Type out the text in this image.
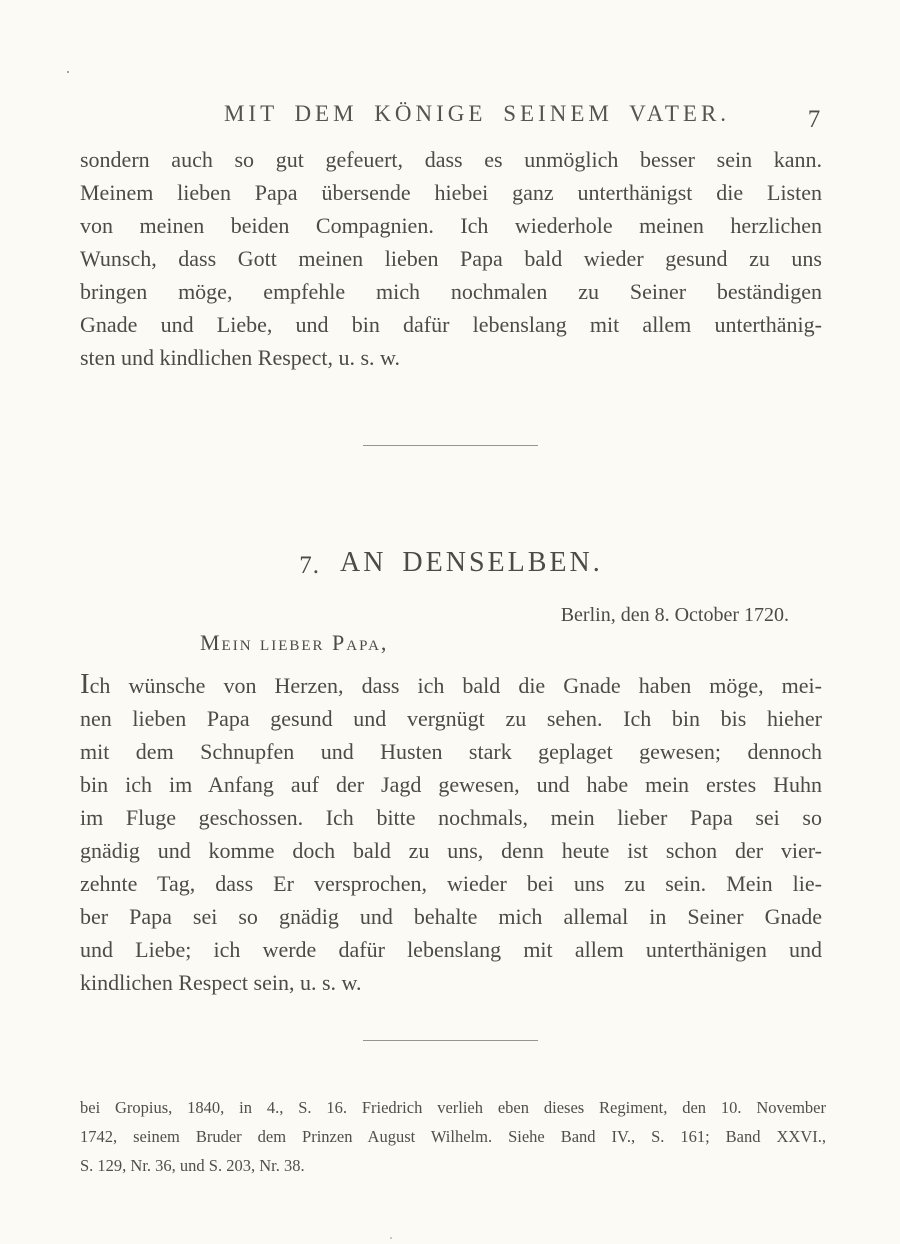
MIT DEM KÖNIGE SEINEM VATER.	7
sondern auch so gut gefeuert, dass es unmöglich besser sein kann.
Meinem lieben Papa übersende hiebei ganz unterthänigst die Listen
von meinen beiden Compagnien. Ich wiederhole meinen herzlichen
Wunsch, dass Gott meinen lieben Papa bald wieder gesund zu uns
bringen möge, empfehle mich nochmalen zu Seiner beständigen
Gnade und Liebe, und bin dafür lebenslang mit allem unterthänig-
sten und kindlichen Respect, u. s. w.
7. AN DENSELBEN.
Berlin, den 8. October 1720.
Mein lieber Papa,
Ich wünsche von Herzen, dass ich bald die Gnade haben möge, mei-
nen lieben Papa gesund und vergnügt zu sehen. Ich bin bis hieher
mit dem Schnupfen und Husten stark geplaget gewesen; dennoch
bin ich im Anfang auf der Jagd gewesen, und habe mein erstes Huhn
im Fluge geschossen. Ich bitte nochmals, mein lieber Papa sei so
gnädig und komme doch bald zu uns, denn heute ist schon der vier-
zehnte Tag, dass Er versprochen, wieder bei uns zu sein. Mein lie-
ber Papa sei so gnädig und behalte mich allemal in Seiner Gnade
und Liebe; ich werde dafür lebenslang mit allem unterthänigen und
kindlichen Respect sein, u. s. w.
bei Gropius, 1840, in 4., S. 16. Friedrich verlieh eben dieses Regiment, den 10. November
1742, seinem Bruder dem Prinzen August Wilhelm. Siehe Band IV., S. 161; Band XXVI.,
S. 129, Nr. 36, und S. 203, Nr. 38.
